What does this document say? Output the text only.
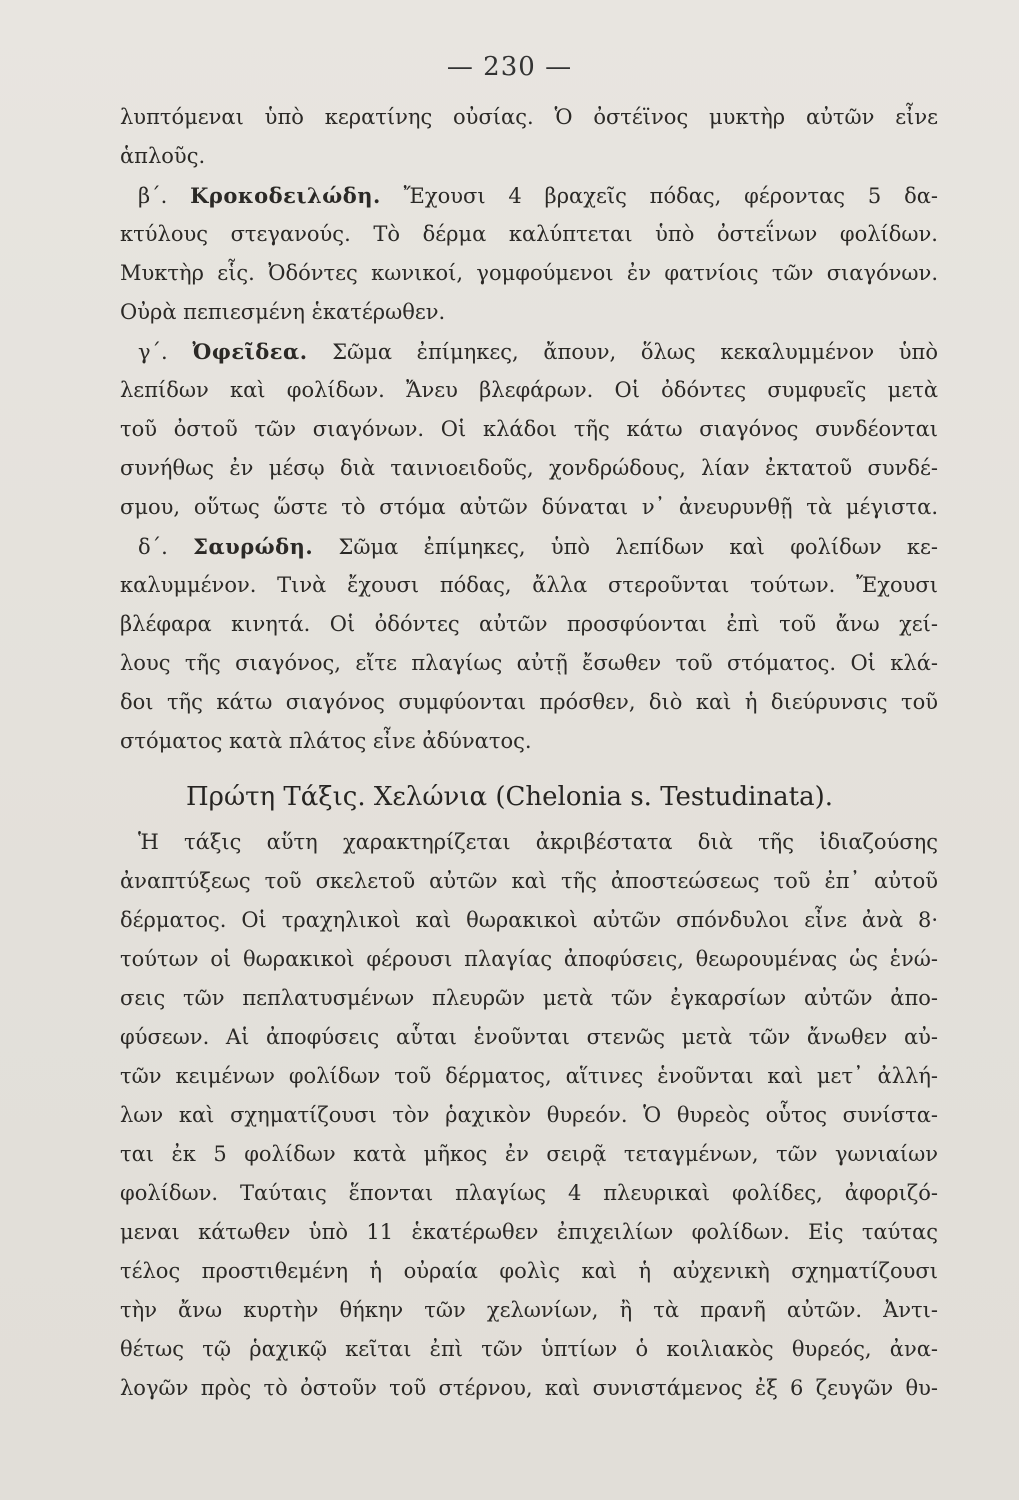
— 230 —
λυπτόμεναι ὑπὸ κερατίνης οὐσίας. Ὁ ὀστέϊνος μυκτὴρ αὐτῶν εἶνε
ἁπλοῦς.
β΄. Κροκοδειλώδη. Ἔχουσι 4 βραχεῖς πόδας, φέροντας 5 δα-
κτύλους στεγανούς. Τὸ δέρμα καλύπτεται ὑπὸ ὀστεΐνων φολίδων.
Μυκτὴρ εἷς. Ὀδόντες κωνικοί, γομφούμενοι ἐν φατνίοις τῶν σιαγόνων.
Οὐρὰ πεπιεσμένη ἑκατέρωθεν.
γ΄. Ὀφεῖδεα. Σῶμα ἐπίμηκες, ἄπουν, ὅλως κεκαλυμμένον ὑπὸ
λεπίδων καὶ φολίδων. Ἄνευ βλεφάρων. Οἱ ὀδόντες συμφυεῖς μετὰ
τοῦ ὀστοῦ τῶν σιαγόνων. Οἱ κλάδοι τῆς κάτω σιαγόνος συνδέονται
συνήθως ἐν μέσῳ διὰ ταινιοειδοῦς, χονδρώδους, λίαν ἐκτατοῦ συνδέ-
σμου, οὕτως ὥστε τὸ στόμα αὐτῶν δύναται ν᾽ ἀνευρυνθῇ τὰ μέγιστα.
δ΄. Σαυρώδη. Σῶμα ἐπίμηκες, ὑπὸ λεπίδων καὶ φολίδων κε-
καλυμμένον. Τινὰ ἔχουσι πόδας, ἄλλα στεροῦνται τούτων. Ἔχουσι
βλέφαρα κινητά. Οἱ ὀδόντες αὐτῶν προσφύονται ἐπὶ τοῦ ἄνω χεί-
λους τῆς σιαγόνος, εἴτε πλαγίως αὐτῇ ἔσωθεν τοῦ στόματος. Οἱ κλά-
δοι τῆς κάτω σιαγόνος συμφύονται πρόσθεν, διὸ καὶ ἡ διεύρυνσις τοῦ
στόματος κατὰ πλάτος εἶνε ἀδύνατος.
Πρώτη Τάξις. Χελώνια (Chelonia s. Testudinata).
Ἡ τάξις αὕτη χαρακτηρίζεται ἀκριβέστατα διὰ τῆς ἰδιαζούσης
ἀναπτύξεως τοῦ σκελετοῦ αὐτῶν καὶ τῆς ἀποστεώσεως τοῦ ἐπ᾽ αὐτοῦ
δέρματος. Οἱ τραχηλικοὶ καὶ θωρακικοὶ αὐτῶν σπόνδυλοι εἶνε ἀνὰ 8·
τούτων οἱ θωρακικοὶ φέρουσι πλαγίας ἀποφύσεις, θεωρουμένας ὡς ἑνώ-
σεις τῶν πεπλατυσμένων πλευρῶν μετὰ τῶν ἐγκαρσίων αὐτῶν ἀπο-
φύσεων. Αἱ ἀποφύσεις αὗται ἑνοῦνται στενῶς μετὰ τῶν ἄνωθεν αὐ-
τῶν κειμένων φολίδων τοῦ δέρματος, αἵτινες ἑνοῦνται καὶ μετ᾽ ἀλλή-
λων καὶ σχηματίζουσι τὸν ῥαχικὸν θυρεόν. Ὁ θυρεὸς οὗτος συνίστα-
ται ἐκ 5 φολίδων κατὰ μῆκος ἐν σειρᾷ τεταγμένων, τῶν γωνιαίων
φολίδων. Ταύταις ἕπονται πλαγίως 4 πλευρικαὶ φολίδες, ἀφοριζό-
μεναι κάτωθεν ὑπὸ 11 ἑκατέρωθεν ἐπιχειλίων φολίδων. Εἰς ταύτας
τέλος προστιθεμένη ἡ οὐραία φολὶς καὶ ἡ αὐχενικὴ σχηματίζουσι
τὴν ἄνω κυρτὴν θήκην τῶν χελωνίων, ἢ τὰ πρανῆ αὐτῶν. Ἀντι-
θέτως τῷ ῥαχικῷ κεῖται ἐπὶ τῶν ὑπτίων ὁ κοιλιακὸς θυρεός, ἀνα-
λογῶν πρὸς τὸ ὀστοῦν τοῦ στέρνου, καὶ συνιστάμενος ἐξ 6 ζευγῶν θυ-
